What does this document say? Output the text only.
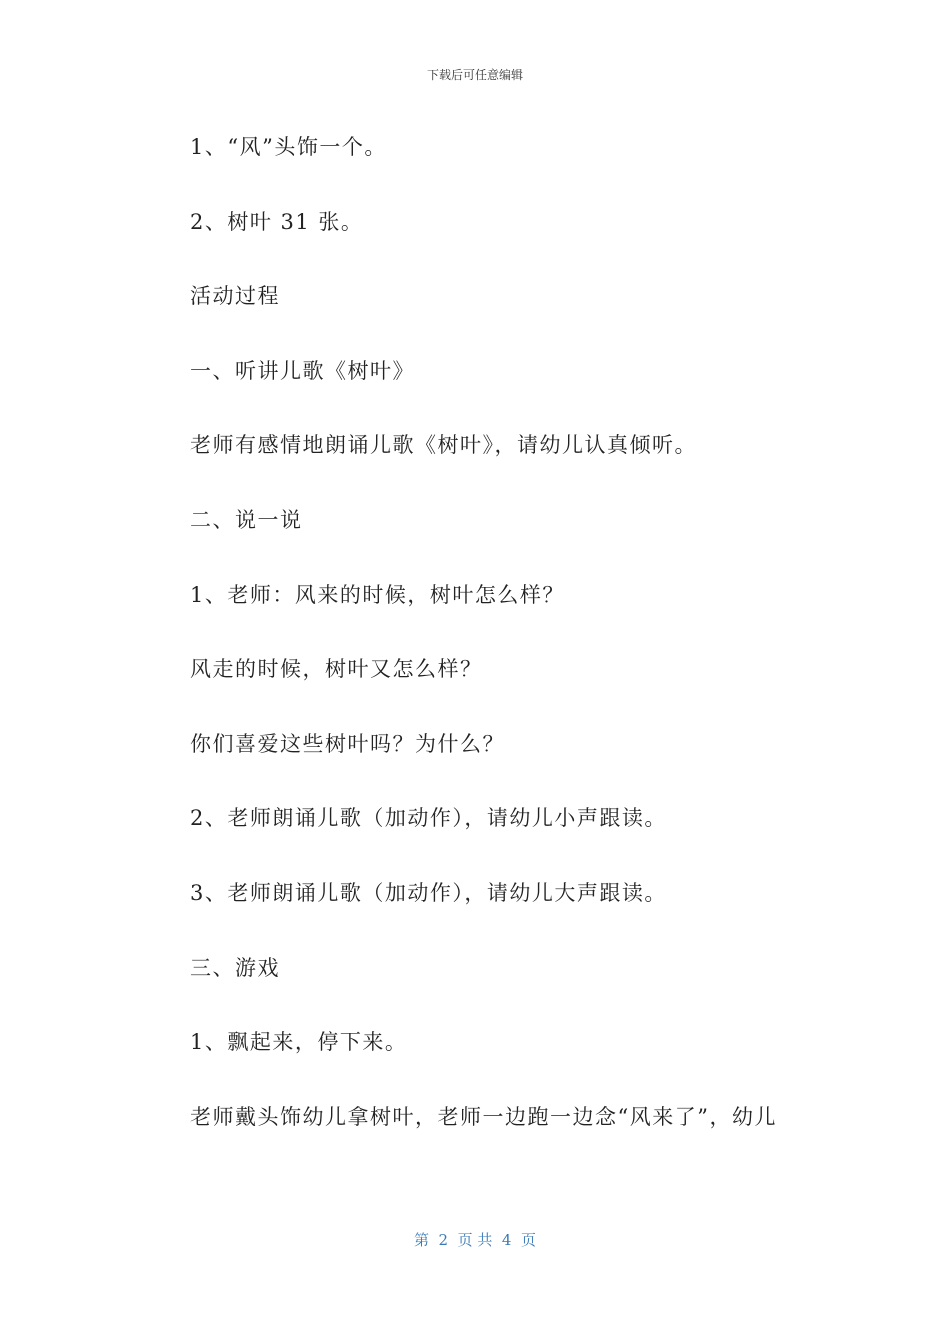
下载后可任意编辑
1、“风”头饰一个。
2、树叶 31 张。
活动过程
一、听讲儿歌《树叶》
老师有感情地朗诵儿歌《树叶》，请幼儿认真倾听。
二、说一说
1、老师：风来的时候，树叶怎么样？
风走的时候，树叶又怎么样？
你们喜爱这些树叶吗？为什么？
2、老师朗诵儿歌（加动作），请幼儿小声跟读。
3、老师朗诵儿歌（加动作），请幼儿大声跟读。
三、游戏
1、飘起来，停下来。
老师戴头饰幼儿拿树叶，老师一边跑一边念“风来了”，幼儿
第  2  页 共  4  页
